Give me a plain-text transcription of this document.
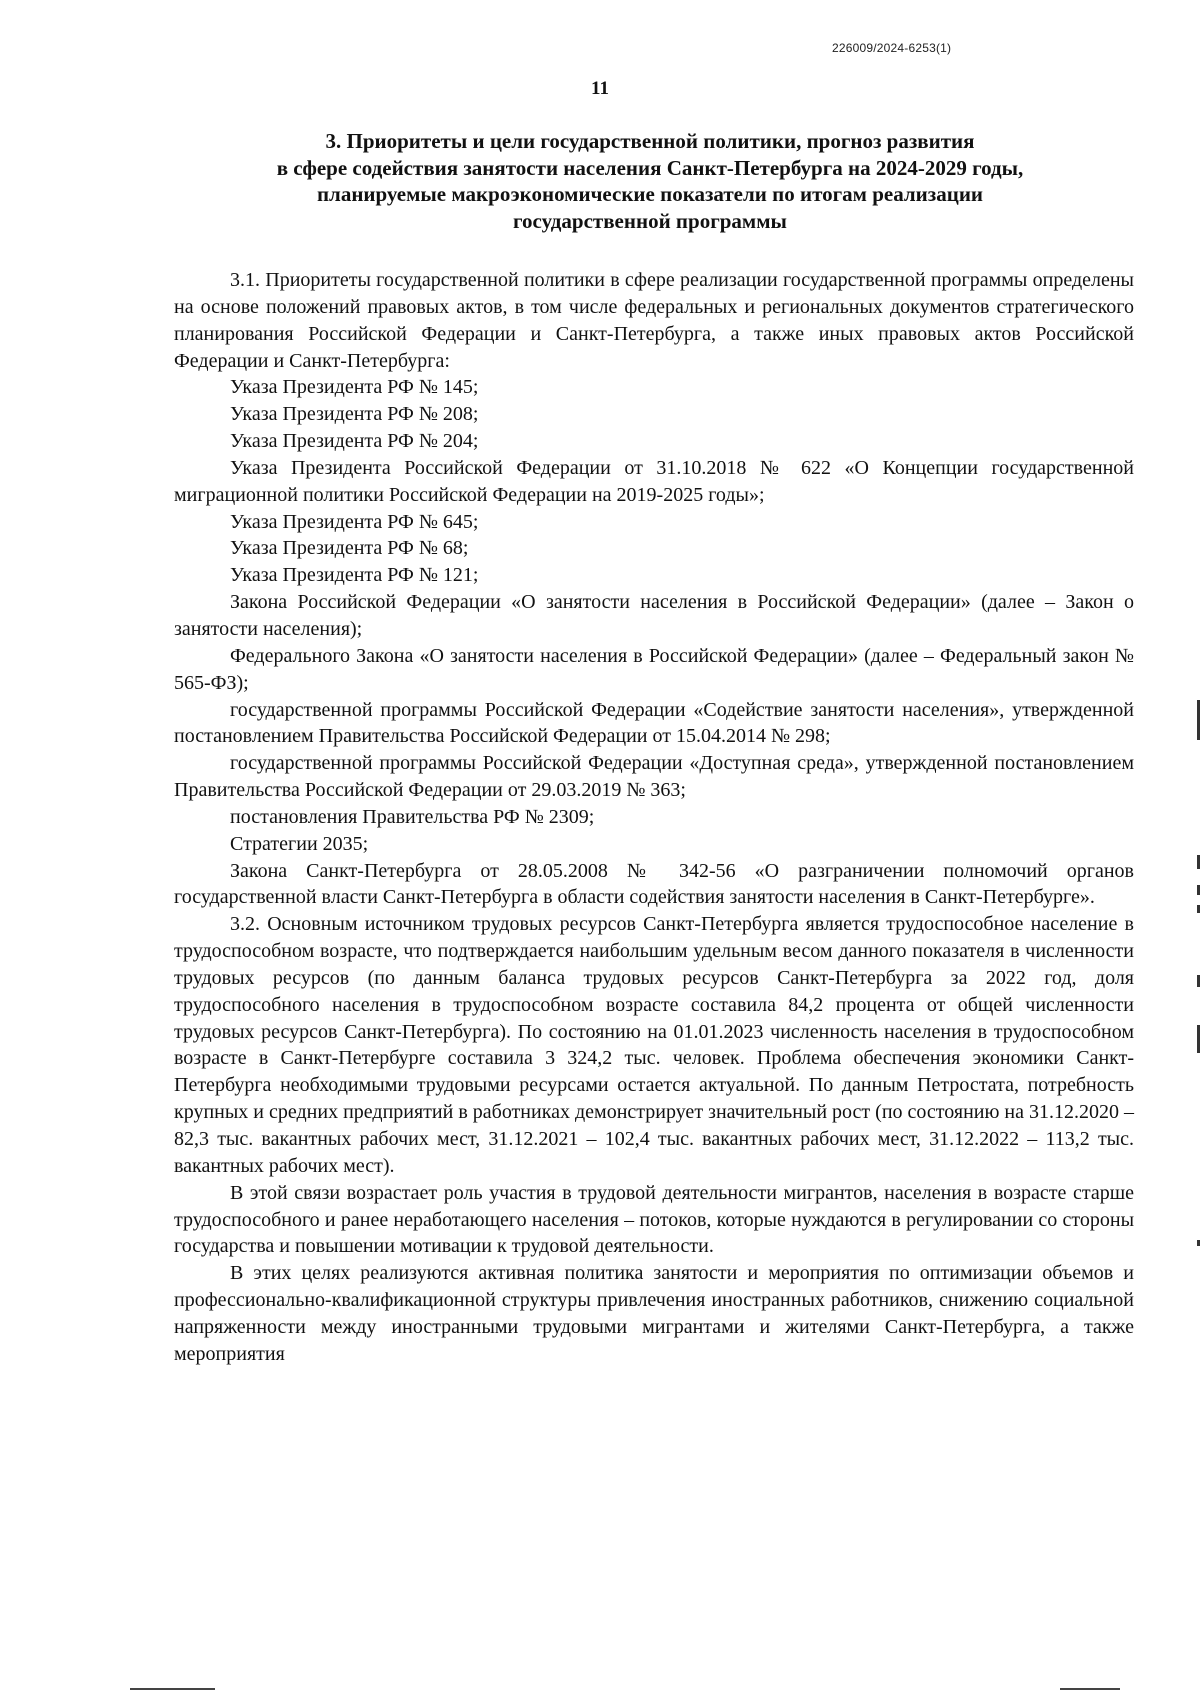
226009/2024-6253(1)
11
3. Приоритеты и цели государственной политики, прогноз развития
в сфере содействия занятости населения Санкт-Петербурга на 2024-2029 годы,
планируемые макроэкономические показатели по итогам реализации
государственной программы

3.1. Приоритеты государственной политики в сфере реализации государственной программы определены на основе положений правовых актов, в том числе федеральных и региональных документов стратегического планирования Российской Федерации и Санкт-Петербурга, а также иных правовых актов Российской Федерации и Санкт-Петербурга:

Указа Президента РФ № 145;

Указа Президента РФ № 208;

Указа Президента РФ № 204;

Указа Президента Российской Федерации от 31.10.2018 № 622 «О Концепции государственной миграционной политики Российской Федерации на 2019-2025 годы»;

Указа Президента РФ № 645;

Указа Президента РФ № 68;

Указа Президента РФ № 121;

Закона Российской Федерации «О занятости населения в Российской Федерации» (далее – Закон о занятости населения);

Федерального Закона «О занятости населения в Российской Федерации» (далее – Федеральный закон № 565-ФЗ);

государственной программы Российской Федерации «Содействие занятости населения», утвержденной постановлением Правительства Российской Федерации от 15.04.2014 № 298;

государственной программы Российской Федерации «Доступная среда», утвержденной постановлением Правительства Российской Федерации от 29.03.2019 № 363;

постановления Правительства РФ № 2309;

Стратегии 2035;

Закона Санкт-Петербурга от 28.05.2008 № 342-56 «О разграничении полномочий органов государственной власти Санкт-Петербурга в области содействия занятости населения в Санкт-Петербурге».

3.2. Основным источником трудовых ресурсов Санкт-Петербурга является трудоспособное население в трудоспособном возрасте, что подтверждается наибольшим удельным весом данного показателя в численности трудовых ресурсов (по данным баланса трудовых ресурсов Санкт-Петербурга за 2022 год, доля трудоспособного населения в трудоспособном возрасте составила 84,2 процента от общей численности трудовых ресурсов Санкт-Петербурга). По состоянию на 01.01.2023 численность населения в трудоспособном возрасте в Санкт-Петербурге составила 3 324,2 тыс. человек. Проблема обеспечения экономики Санкт-Петербурга необходимыми трудовыми ресурсами остается актуальной. По данным Петростата, потребность крупных и средних предприятий в работниках демонстрирует значительный рост (по состоянию на 31.12.2020 – 82,3 тыс. вакантных рабочих мест, 31.12.2021 – 102,4 тыс. вакантных рабочих мест, 31.12.2022 – 113,2 тыс. вакантных рабочих мест).

В этой связи возрастает роль участия в трудовой деятельности мигрантов, населения в возрасте старше трудоспособного и ранее неработающего населения – потоков, которые нуждаются в регулировании со стороны государства и повышении мотивации к трудовой деятельности.

В этих целях реализуются активная политика занятости и мероприятия по оптимизации объемов и профессионально-квалификационной структуры привлечения иностранных работников, снижению социальной напряженности между иностранными трудовыми мигрантами и жителями Санкт-Петербурга, а также мероприятия
